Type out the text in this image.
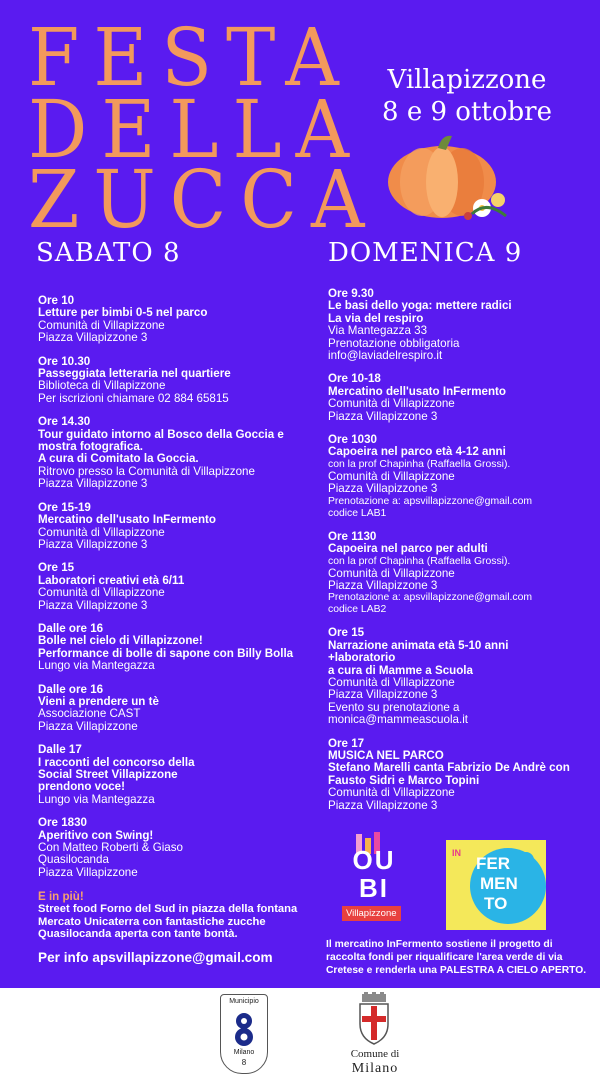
FESTA
DELLA
ZUCCA
Villapizzone
8 e 9 ottobre
SABATO 8	DOMENICA 9
Ore 10
Letture per bimbi 0-5 nel parco
Comunità di Villapizzone
Piazza Villapizzone 3
Ore 10.30
Passeggiata letteraria nel quartiere
Biblioteca di Villapizzone
Per iscrizioni chiamare 02 884 65815
Ore 14.30
Tour guidato intorno al Bosco della Goccia e mostra fotografica.
A cura di Comitato la Goccia.
Ritrovo presso la Comunità di Villapizzone
Piazza Villapizzone 3
Ore 15-19
Mercatino dell'usato InFermento
Comunità di Villapizzone
Piazza Villapizzone 3
Ore 15
Laboratori creativi età 6/11
Comunità di Villapizzone
Piazza Villapizzone 3
Dalle ore 16
Bolle nel cielo di Villapizzone!
Performance di bolle di sapone con Billy Bolla
Lungo via Mantegazza
Dalle ore 16
Vieni a prendere un tè
Associazione CAST
Piazza Villapizzone
Dalle 17
I racconti del concorso della Social Street Villapizzone prendono voce!
Lungo via Mantegazza
Ore 1830
Aperitivo con Swing!
Con Matteo Roberti & Giaso
Quasilocanda
Piazza Villapizzone
E in più!
Street food Forno del Sud in piazza della fontana
Mercato Unicaterra con fantastiche zucche
Quasilocanda aperta con tante bontà.
Per info apsvillapizzone@gmail.com
Ore 9.30
Le basi dello yoga: mettere radici
La via del respiro
Via Mantegazza 33
Prenotazione obbligatoria
info@laviadelrespiro.it
Ore 10-18
Mercatino dell'usato InFermento
Comunità di Villapizzone
Piazza Villapizzone 3
Ore 1030
Capoeira nel parco età 4-12 anni
con la prof Chapinha (Raffaella Grossi).
Comunità di Villapizzone
Piazza Villapizzone 3
Prenotazione a: apsvillapizzone@gmail.com
codice LAB1
Ore 1130
Capoeira nel parco per adulti
con la prof Chapinha (Raffaella Grossi).
Comunità di Villapizzone
Piazza Villapizzone 3
Prenotazione a: apsvillapizzone@gmail.com
codice LAB2
Ore 15
Narrazione animata età 5-10 anni +laboratorio
a cura di Mamme a Scuola
Comunità di Villapizzone
Piazza Villapizzone 3
Evento su prenotazione a
monica@mammeascuola.it
Ore 17
MUSICA NEL PARCO
Stefano Marelli canta Fabrizio De Andrè con Fausto Sidri e Marco Topini
Comunità di Villapizzone
Piazza Villapizzone 3
OU BI
Villapizzone
IN
FER
MEN
TO
Il mercatino InFermento sostiene il progetto di raccolta fondi per riqualificare l'area verde di via Cretese e renderla una PALESTRA A CIELO APERTO.
Municipio
Milano
8
Comune di
Milano
